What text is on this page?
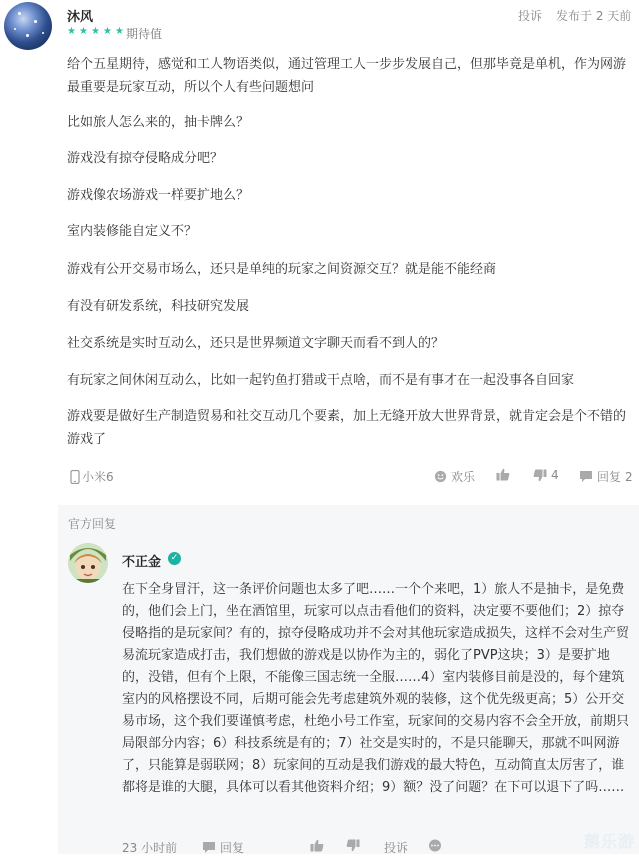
沐风
★ ★ ★ ★ ★ 期待值
投诉 发布于 2 天前
给个五星期待，感觉和工人物语类似，通过管理工人一步步发展自己，但那毕竟是单机，作为网游最重要是玩家互动，所以个人有些问题想问
比如旅人怎么来的，抽卡牌么？
游戏没有掠夺侵略成分吧？
游戏像农场游戏一样要扩地么？
室内装修能自定义不？
游戏有公开交易市场么，还只是单纯的玩家之间资源交互？就是能不能经商
有没有研发系统，科技研究发展
社交系统是实时互动么，还只是世界频道文字聊天而看不到人的？
有玩家之间休闲互动么，比如一起钓鱼打猎或干点啥，而不是有事才在一起没事各自回家
游戏要是做好生产制造贸易和社交互动几个要素，加上无缝开放大世界背景，就肯定会是个不错的游戏了
小米6	欢乐	4	回复 2
官方回复
不正金	✓
在下全身冒汗，这一条评价问题也太多了吧……一个个来吧，1）旅人不是抽卡，是免费的，他们会上门，坐在酒馆里，玩家可以点击看他们的资料，决定要不要他们；2）掠夺侵略指的是玩家间？有的，掠夺侵略成功并不会对其他玩家造成损失，这样不会对生产贸易流玩家造成打击，我们想做的游戏是以协作为主的，弱化了PVP这块；3）是要扩地的，没错，但有个上限，不能像三国志统一全服……4）室内装修目前是没的，每个建筑室内的风格摆设不同，后期可能会先考虑建筑外观的装修，这个优先级更高；5）公开交易市场，这个我们要谨慎考虑，杜绝小号工作室，玩家间的交易内容不会全开放，前期只局限部分内容；6）科技系统是有的；7）社交是实时的，不是只能聊天，那就不叫网游了，只能算是弱联网；8）玩家间的互动是我们游戏的最大特色，互动简直太厉害了，谁都将是谁的大腿，具体可以看其他资料介绍；9）额？没了问题？在下可以退下了吗……
23 小时前	回复	投诉	鹅乐游
